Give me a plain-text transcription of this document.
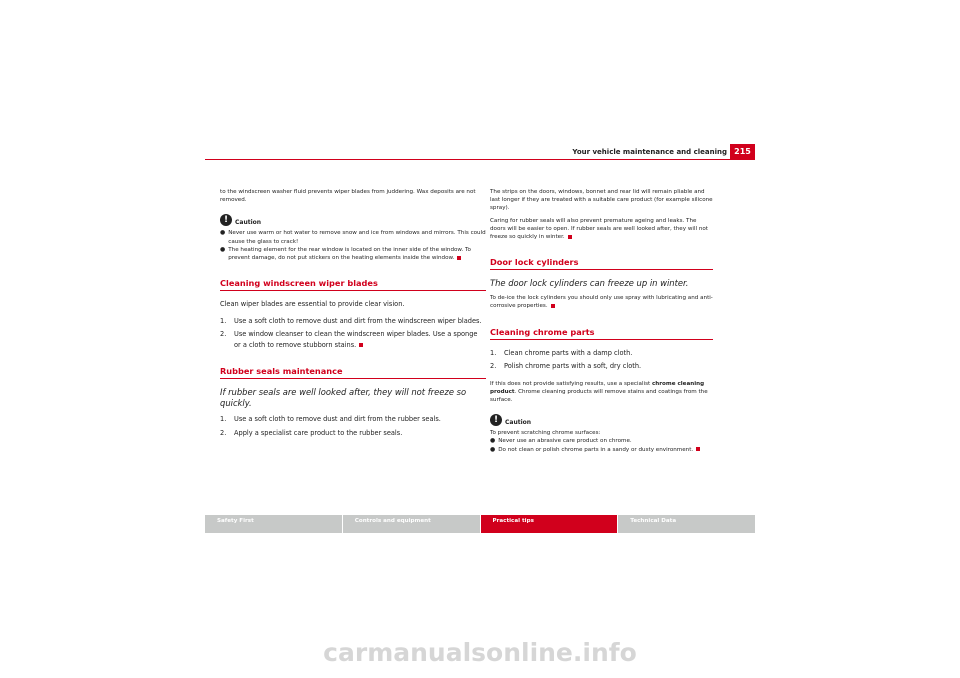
Your vehicle maintenance and cleaning 215

to the windscreen washer fluid prevents wiper blades from juddering. Wax deposits are not removed.

!	Caution
● Never use warm or hot water to remove snow and ice from windows and mirrors. This could cause the glass to crack!

● The heating element for the rear window is located on the inner side of the window. To prevent damage, do not put stickers on the heating elements inside the window.

Cleaning windscreen wiper blades

Clean wiper blades are essential to provide clear vision.

1.	Use a soft cloth to remove dust and dirt from the windscreen wiper blades.
2.	Use window cleanser to clean the windscreen wiper blades. Use a sponge or a cloth to remove stubborn stains.
Rubber seals maintenance

If rubber seals are well looked after, they will not freeze so quickly.

1.	Use a soft cloth to remove dust and dirt from the rubber seals.
2.	Apply a specialist care product to the rubber seals.

The strips on the doors, windows, bonnet and rear lid will remain pliable and last longer if they are treated with a suitable care product (for example silicone spray).

Caring for rubber seals will also prevent premature ageing and leaks. The doors will be easier to open. If rubber seals are well looked after, they will not freeze so quickly in winter.

Door lock cylinders

The door lock cylinders can freeze up in winter.

To de-ice the lock cylinders you should only use spray with lubricating and anti-corrosive properties.

Cleaning chrome parts
1.	Clean chrome parts with a damp cloth.
2.	Polish chrome parts with a soft, dry cloth.

If this does not provide satisfying results, use a specialist chrome cleaning product. Chrome cleaning products will remove stains and coatings from the surface.

!	Caution

To prevent scratching chrome surfaces:

● Never use an abrasive care product on chrome.

● Do not clean or polish chrome parts in a sandy or dusty environment.

Safety First	Controls and equipment	Practical tips	Technical Data
carmanualsonline.info
